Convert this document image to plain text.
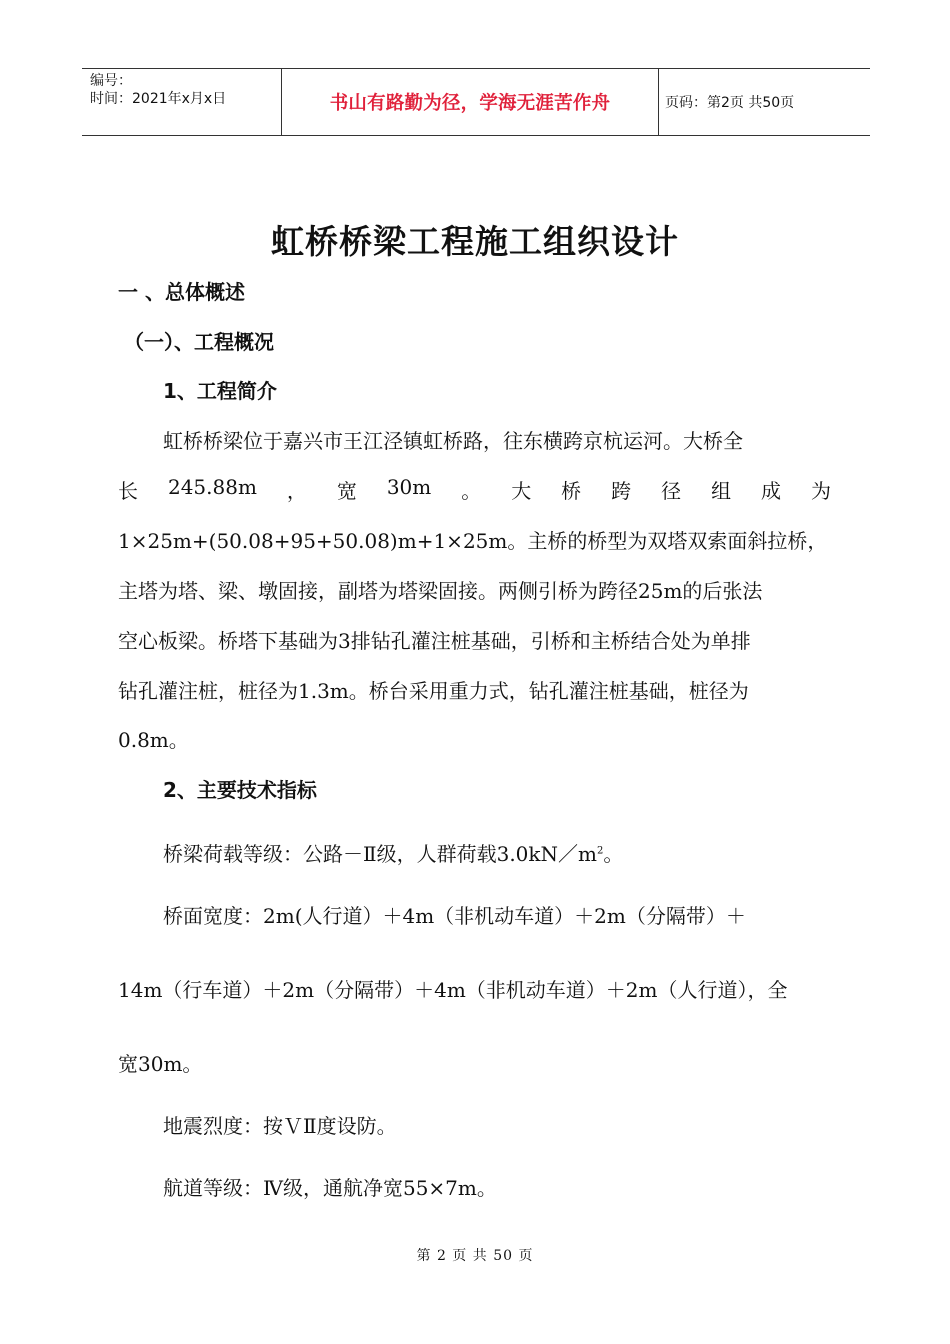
编号：
时间：2021年x月x日	书山有路勤为径，学海无涯苦作舟	页码：第2页 共50页
虹桥桥梁工程施工组织设计
一 、总体概述
（一）、工程概况
1、工程简介
虹桥桥梁位于嘉兴市王江泾镇虹桥路，往东横跨京杭运河。大桥全
长 245.88m ， 宽 30m 。 大 桥 跨 径 组 成 为
1×25m+(50.08+95+50.08)m+1×25m。主桥的桥型为双塔双索面斜拉桥，
主塔为塔、梁、墩固接，副塔为塔梁固接。两侧引桥为跨径25m的后张法
空心板梁。桥塔下基础为3排钻孔灌注桩基础，引桥和主桥结合处为单排
钻孔灌注桩，桩径为1.3m。桥台采用重力式，钻孔灌注桩基础，桩径为
0.8m。
2、主要技术指标
桥梁荷载等级：公路－Ⅱ级，人群荷载$3.0kN/m^2$。
桥面宽度：2m(人行道）＋4m（非机动车道）＋2m（分隔带）＋
14m（行车道）＋2m（分隔带）＋4m（非机动车道）＋2m（人行道），全
宽30m。
地震烈度：按ＶⅡ度设防。
航道等级：Ⅳ级，通航净宽55×7m。
第 2 页 共 50 页
